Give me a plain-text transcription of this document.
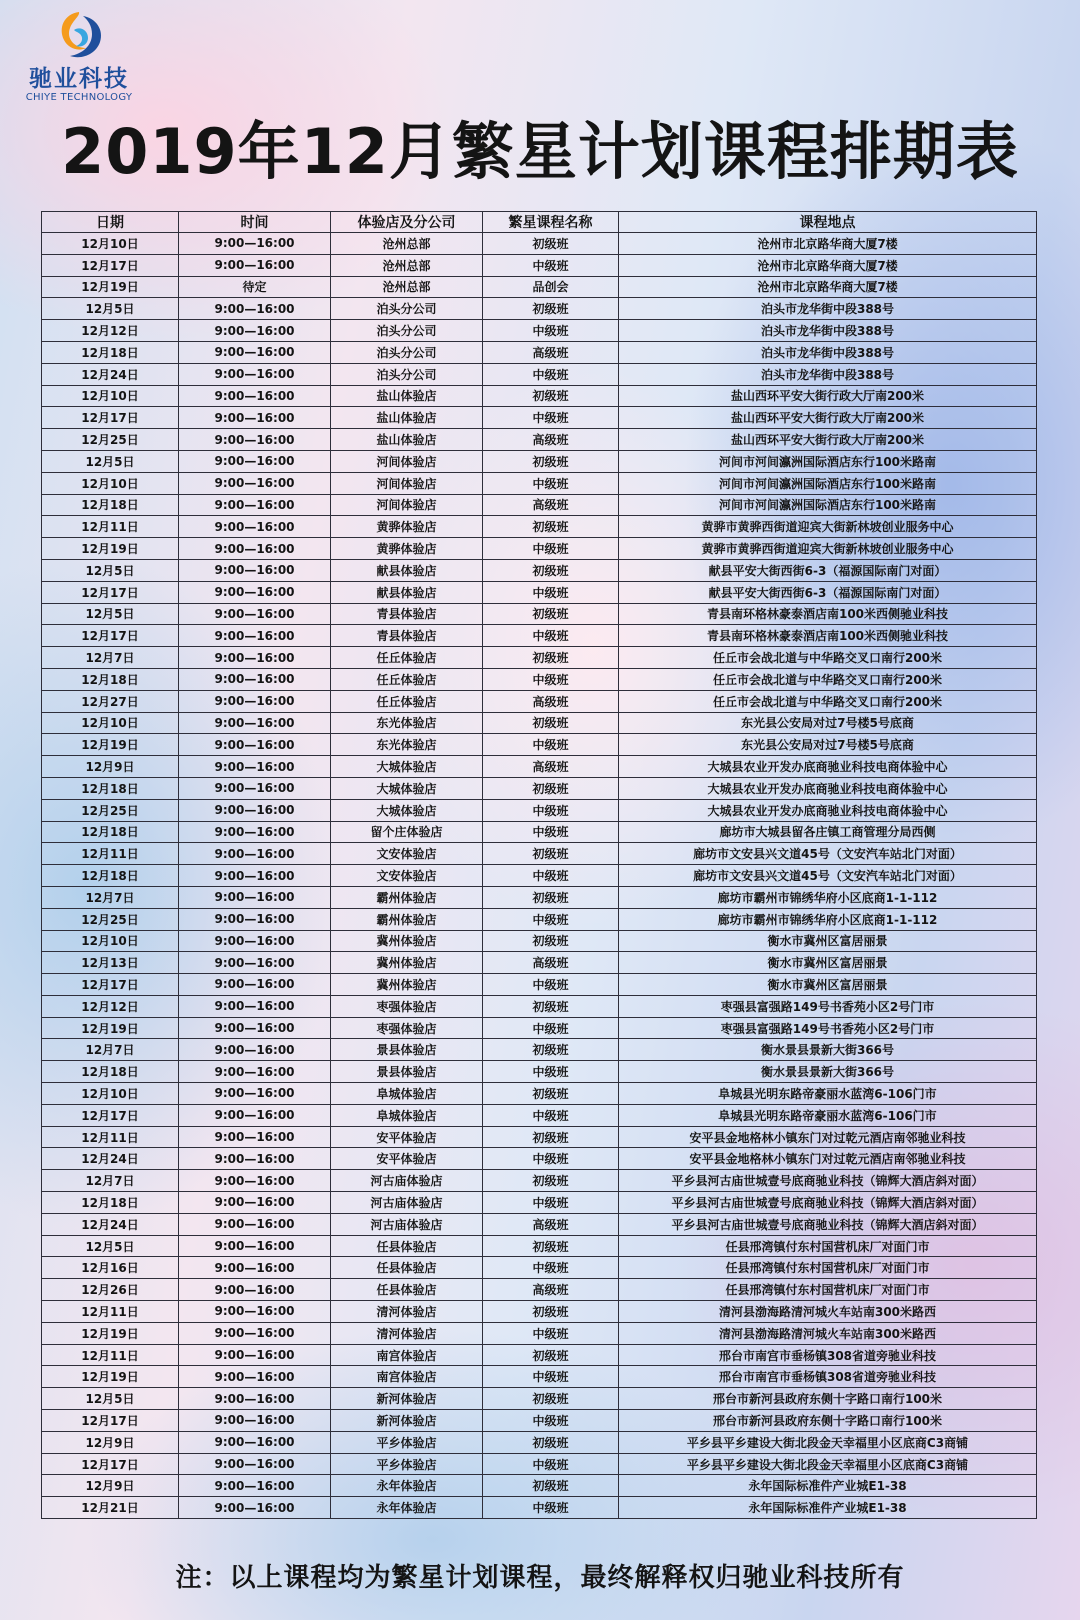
驰业科技
CHIYE TECHNOLOGY
2019年12月繁星计划课程排期表
日期	时间	体验店及分公司	繁星课程名称	课程地点
12月10日	9:00—16:00	沧州总部	初级班	沧州市北京路华商大厦7楼
12月17日	9:00—16:00	沧州总部	中级班	沧州市北京路华商大厦7楼
12月19日	待定	沧州总部	品创会	沧州市北京路华商大厦7楼
12月5日	9:00—16:00	泊头分公司	初级班	泊头市龙华街中段388号
12月12日	9:00—16:00	泊头分公司	中级班	泊头市龙华街中段388号
12月18日	9:00—16:00	泊头分公司	高级班	泊头市龙华街中段388号
12月24日	9:00—16:00	泊头分公司	中级班	泊头市龙华街中段388号
12月10日	9:00—16:00	盐山体验店	初级班	盐山西环平安大街行政大厅南200米
12月17日	9:00—16:00	盐山体验店	中级班	盐山西环平安大街行政大厅南200米
12月25日	9:00—16:00	盐山体验店	高级班	盐山西环平安大街行政大厅南200米
12月5日	9:00—16:00	河间体验店	初级班	河间市河间瀛洲国际酒店东行100米路南
12月10日	9:00—16:00	河间体验店	中级班	河间市河间瀛洲国际酒店东行100米路南
12月18日	9:00—16:00	河间体验店	高级班	河间市河间瀛洲国际酒店东行100米路南
12月11日	9:00—16:00	黄骅体验店	初级班	黄骅市黄骅西街道迎宾大街新林坡创业服务中心
12月19日	9:00—16:00	黄骅体验店	中级班	黄骅市黄骅西街道迎宾大街新林坡创业服务中心
12月5日	9:00—16:00	献县体验店	初级班	献县平安大街西街6-3（福源国际南门对面）
12月17日	9:00—16:00	献县体验店	中级班	献县平安大街西街6-3（福源国际南门对面）
12月5日	9:00—16:00	青县体验店	初级班	青县南环格林豪泰酒店南100米西侧驰业科技
12月17日	9:00—16:00	青县体验店	中级班	青县南环格林豪泰酒店南100米西侧驰业科技
12月7日	9:00—16:00	任丘体验店	初级班	任丘市会战北道与中华路交叉口南行200米
12月18日	9:00—16:00	任丘体验店	中级班	任丘市会战北道与中华路交叉口南行200米
12月27日	9:00—16:00	任丘体验店	高级班	任丘市会战北道与中华路交叉口南行200米
12月10日	9:00—16:00	东光体验店	初级班	东光县公安局对过7号楼5号底商
12月19日	9:00—16:00	东光体验店	中级班	东光县公安局对过7号楼5号底商
12月9日	9:00—16:00	大城体验店	高级班	大城县农业开发办底商驰业科技电商体验中心
12月18日	9:00—16:00	大城体验店	初级班	大城县农业开发办底商驰业科技电商体验中心
12月25日	9:00—16:00	大城体验店	中级班	大城县农业开发办底商驰业科技电商体验中心
12月18日	9:00—16:00	留个庄体验店	中级班	廊坊市大城县留各庄镇工商管理分局西侧
12月11日	9:00—16:00	文安体验店	初级班	廊坊市文安县兴文道45号（文安汽车站北门对面）
12月18日	9:00—16:00	文安体验店	中级班	廊坊市文安县兴文道45号（文安汽车站北门对面）
12月7日	9:00—16:00	霸州体验店	初级班	廊坊市霸州市锦绣华府小区底商1-1-112
12月25日	9:00—16:00	霸州体验店	中级班	廊坊市霸州市锦绣华府小区底商1-1-112
12月10日	9:00—16:00	冀州体验店	初级班	衡水市冀州区富居丽景
12月13日	9:00—16:00	冀州体验店	高级班	衡水市冀州区富居丽景
12月17日	9:00—16:00	冀州体验店	中级班	衡水市冀州区富居丽景
12月12日	9:00—16:00	枣强体验店	初级班	枣强县富强路149号书香苑小区2号门市
12月19日	9:00—16:00	枣强体验店	中级班	枣强县富强路149号书香苑小区2号门市
12月7日	9:00—16:00	景县体验店	初级班	衡水景县景新大街366号
12月18日	9:00—16:00	景县体验店	中级班	衡水景县景新大街366号
12月10日	9:00—16:00	阜城体验店	初级班	阜城县光明东路帝豪丽水蓝湾6-106门市
12月17日	9:00—16:00	阜城体验店	中级班	阜城县光明东路帝豪丽水蓝湾6-106门市
12月11日	9:00—16:00	安平体验店	初级班	安平县金地格林小镇东门对过乾元酒店南邻驰业科技
12月24日	9:00—16:00	安平体验店	中级班	安平县金地格林小镇东门对过乾元酒店南邻驰业科技
12月7日	9:00—16:00	河古庙体验店	初级班	平乡县河古庙世城壹号底商驰业科技（锦辉大酒店斜对面）
12月18日	9:00—16:00	河古庙体验店	中级班	平乡县河古庙世城壹号底商驰业科技（锦辉大酒店斜对面）
12月24日	9:00—16:00	河古庙体验店	高级班	平乡县河古庙世城壹号底商驰业科技（锦辉大酒店斜对面）
12月5日	9:00—16:00	任县体验店	初级班	任县邢湾镇付东村国营机床厂对面门市
12月16日	9:00—16:00	任县体验店	中级班	任县邢湾镇付东村国营机床厂对面门市
12月26日	9:00—16:00	任县体验店	高级班	任县邢湾镇付东村国营机床厂对面门市
12月11日	9:00—16:00	清河体验店	初级班	清河县渤海路清河城火车站南300米路西
12月19日	9:00—16:00	清河体验店	中级班	清河县渤海路清河城火车站南300米路西
12月11日	9:00—16:00	南宫体验店	初级班	邢台市南宫市垂杨镇308省道旁驰业科技
12月19日	9:00—16:00	南宫体验店	中级班	邢台市南宫市垂杨镇308省道旁驰业科技
12月5日	9:00—16:00	新河体验店	初级班	邢台市新河县政府东侧十字路口南行100米
12月17日	9:00—16:00	新河体验店	中级班	邢台市新河县政府东侧十字路口南行100米
12月9日	9:00—16:00	平乡体验店	初级班	平乡县平乡建设大街北段金天幸福里小区底商C3商铺
12月17日	9:00—16:00	平乡体验店	中级班	平乡县平乡建设大街北段金天幸福里小区底商C3商铺
12月9日	9:00—16:00	永年体验店	初级班	永年国际标准件产业城E1-38
12月21日	9:00—16:00	永年体验店	中级班	永年国际标准件产业城E1-38
注：以上课程均为繁星计划课程，最终解释权归驰业科技所有
